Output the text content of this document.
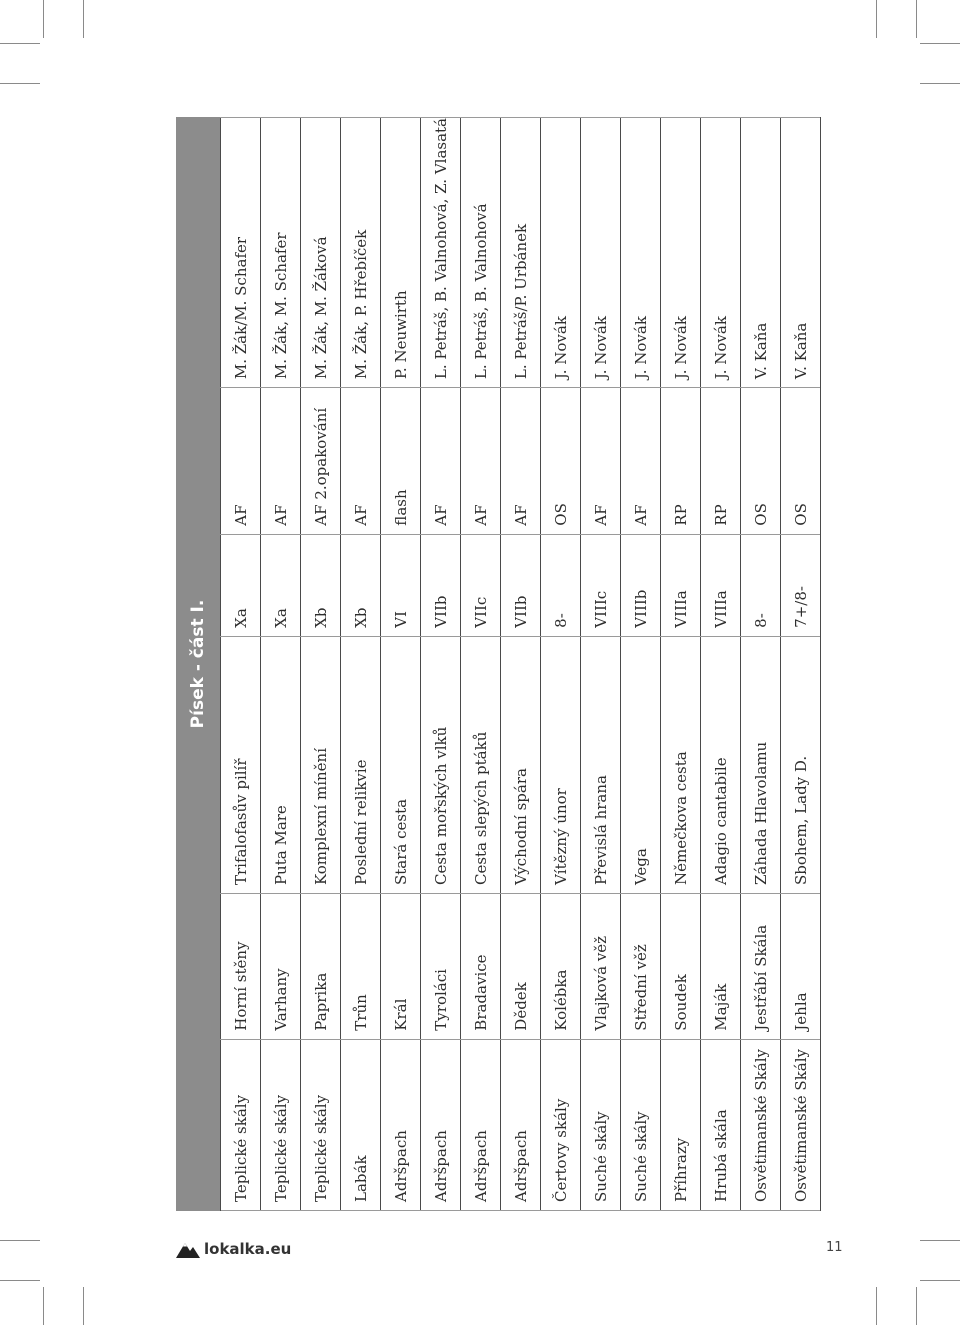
Písek - část I.
Teplické skály	Horní stěny	Trifalofasův pilíř	Xa	AF	M. Žák/M. Schafer
Teplické skály	Varhany	Puta Mare	Xa	AF	M. Žák, M. Schafer
Teplické skály	Paprika	Komplexní mínění	Xb	AF 2.opakování	M. Žák, M. Žáková
Labák	Trůn	Poslední relikvie	Xb	AF	M. Žák, P. Hřebíček
Adršpach	Král	Stará cesta	VI	flash	P. Neuwirth
Adršpach	Tyroláci	Cesta mořských vlků	VIIb	AF	L. Petráš, B. Valnohová, Z. Vlasatá
Adršpach	Bradavice	Cesta slepých ptáků	VIIc	AF	L. Petráš, B. Valnohová
Adršpach	Dědek	Východní spára	VIIb	AF	L. Petráš/P. Urbánek
Čertovy skály	Kolébka	Vítězný únor	8-	OS	J. Novák
Suché skály	Vlajková věž	Převislá hrana	VIIIc	AF	J. Novák
Suché skály	Střední věž	Vega	VIIIb	AF	J. Novák
Příhrazy	Soudek	Němečkova cesta	VIIIa	RP	J. Novák
Hrubá skála	Maják	Adagio cantabile	VIIIa	RP	J. Novák
Osvětimanské Skály	Jestřábí Skála	Záhada Hlavolamu	8-	OS	V. Kaňa
Osvětimanské Skály	Jehla	Sbohem, Lady D.	7+/8-	OS	V. Kaňa
lokalka.eu	11
